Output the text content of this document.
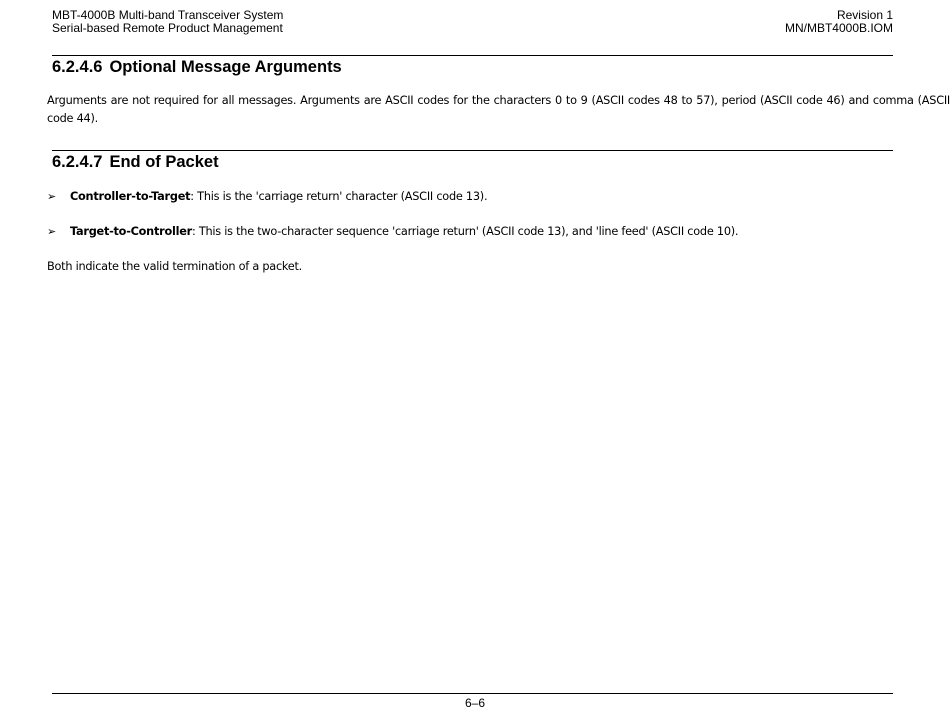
MBT-4000B Multi-band Transceiver System
Serial-based Remote Product Management
Revision 1
MN/MBT4000B.IOM
6.2.4.6 Optional Message Arguments
Arguments are not required for all messages. Arguments are ASCII codes for the characters 0 to 9 (ASCII codes 48 to 57), period (ASCII code 46) and comma (ASCII code 44).
6.2.4.7 End of Packet
➢ Controller-to-Target: This is the 'carriage return' character (ASCII code 13).
➢ Target-to-Controller: This is the two-character sequence 'carriage return' (ASCII code 13), and 'line feed' (ASCII code 10).
Both indicate the valid termination of a packet.
6–6
